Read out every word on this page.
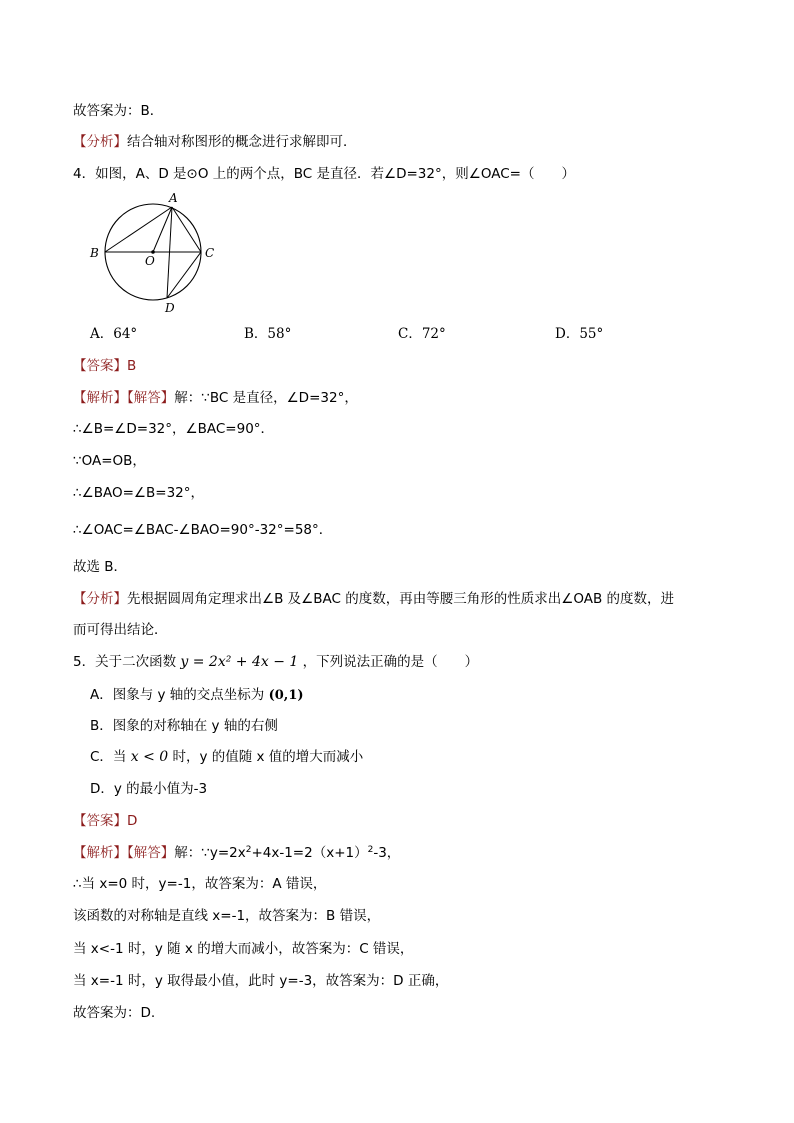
故答案为：B．
【分析】结合轴对称图形的概念进行求解即可．
4．如图，A、D 是⊙O 上的两个点，BC 是直径．若∠D=32°，则∠OAC=（　　）
A
B	C
D
O
A．64°	B．58°	C．72°	D．55°
【答案】B
【解析】【解答】解：∵BC 是直径，∠D=32°，
∴∠B=∠D=32°，∠BAC=90°．
∵OA=OB，
∴∠BAO=∠B=32°，
∴∠OAC=∠BAC-∠BAO=90°-32°=58°．
故选 B．
【分析】先根据圆周角定理求出∠B 及∠BAC 的度数，再由等腰三角形的性质求出∠OAB 的度数，进
而可得出结论．
5．关于二次函数 y = 2x² + 4x − 1 ，下列说法正确的是（　　）
A．图象与 y 轴的交点坐标为 (0,1)
B．图象的对称轴在 y 轴的右侧
C．当 x < 0 时，y 的值随 x 值的增大而减小
D．y 的最小值为-3
【答案】D
【解析】【解答】解：$\because y=2x^2+4x-1=2(x+1)^2-3$，
∴当 x=0 时，y=-1，故答案为：A 错误，
该函数的对称轴是直线 x=-1，故答案为：B 错误，
当 x<-1 时，y 随 x 的增大而减小，故答案为：C 错误，
当 x=-1 时，y 取得最小值，此时 y=-3，故答案为：D 正确，
故答案为：D.
